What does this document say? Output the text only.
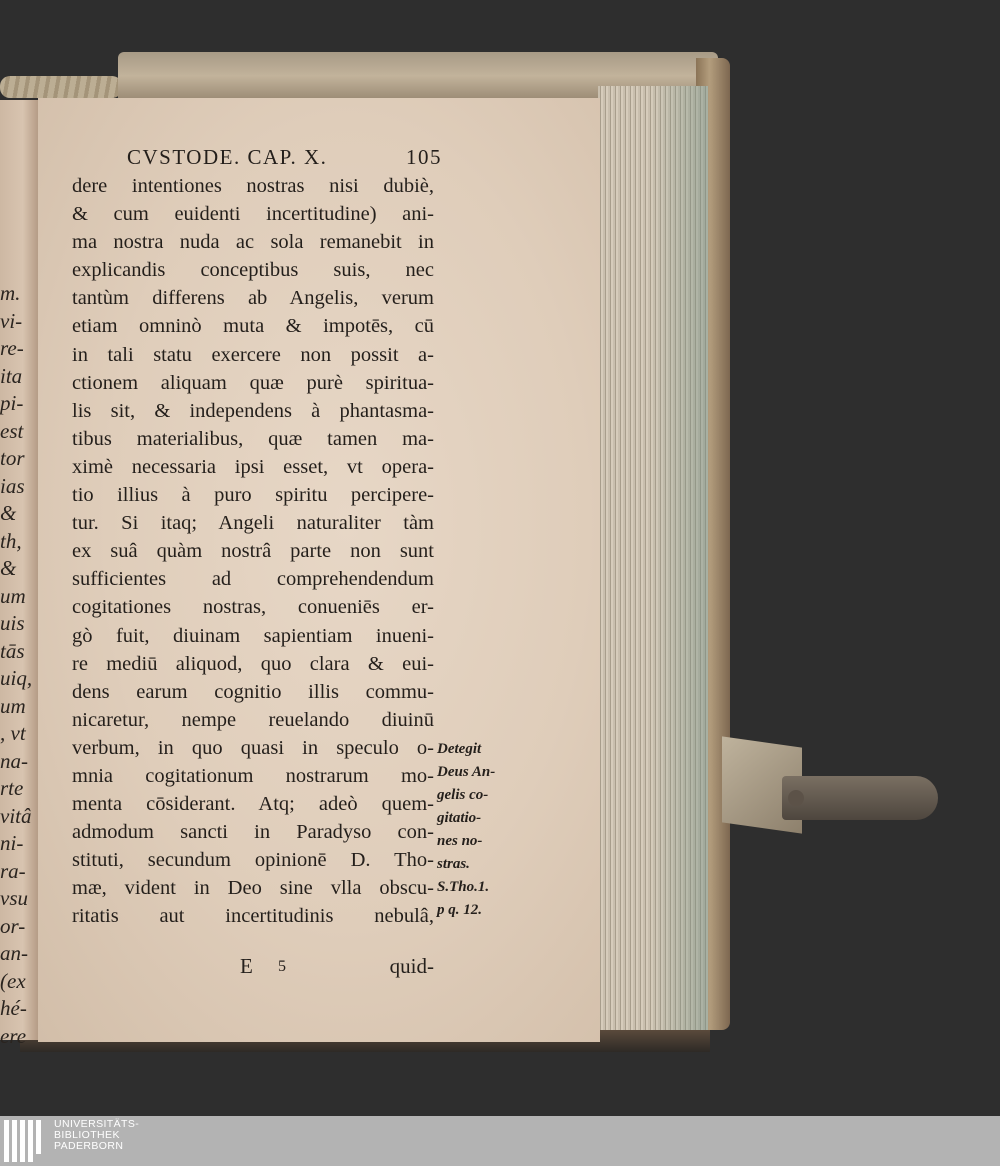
m.
vi-
re-
ita
pi-
est
tor
ias
&
th,
&
um
uis
tās
uiq,
um
, vt
na-
rte
vitâ
ni-
ra-
vsu
or-
an-
(ex
hé-
ere
CVSTODE. CAP. X.	105
dere intentiones nostras nisi dubiè,
& cum euidenti incertitudine) ani-
ma nostra nuda ac sola remanebit in
explicandis conceptibus suis, nec
tantùm differens ab Angelis, verum
etiam omninò muta & impotēs, cū
in tali statu exercere non possit a-
ctionem aliquam quæ purè spiritua-
lis sit, & independens à phantasma-
tibus materialibus, quæ tamen ma-
ximè necessaria ipsi esset, vt opera-
tio illius à puro spiritu percipere-
tur. Si itaq; Angeli naturaliter tàm
ex suâ quàm nostrâ parte non sunt
sufficientes ad comprehendendum
cogitationes nostras, conueniēs er-
gò fuit, diuinam sapientiam inueni-
re mediū aliquod, quo clara & eui-
dens earum cognitio illis commu-
nicaretur, nempe reuelando diuinū
verbum, in quo quasi in speculo o-
mnia cogitationum nostrarum mo-
menta cōsiderant. Atq; adeò quem-
admodum sancti in Paradyso con-
stituti, secundum opinionē D. Tho-
mæ, vident in Deo sine vlla obscu-
ritatis aut incertitudinis nebulâ,
Detegit
Deus An-
gelis co-
gitatio-
nes no-
stras.
S.Tho.1.
p q. 12.
E 5	quid-
UNIVERSITÄTS-
BIBLIOTHEK
PADERBORN
